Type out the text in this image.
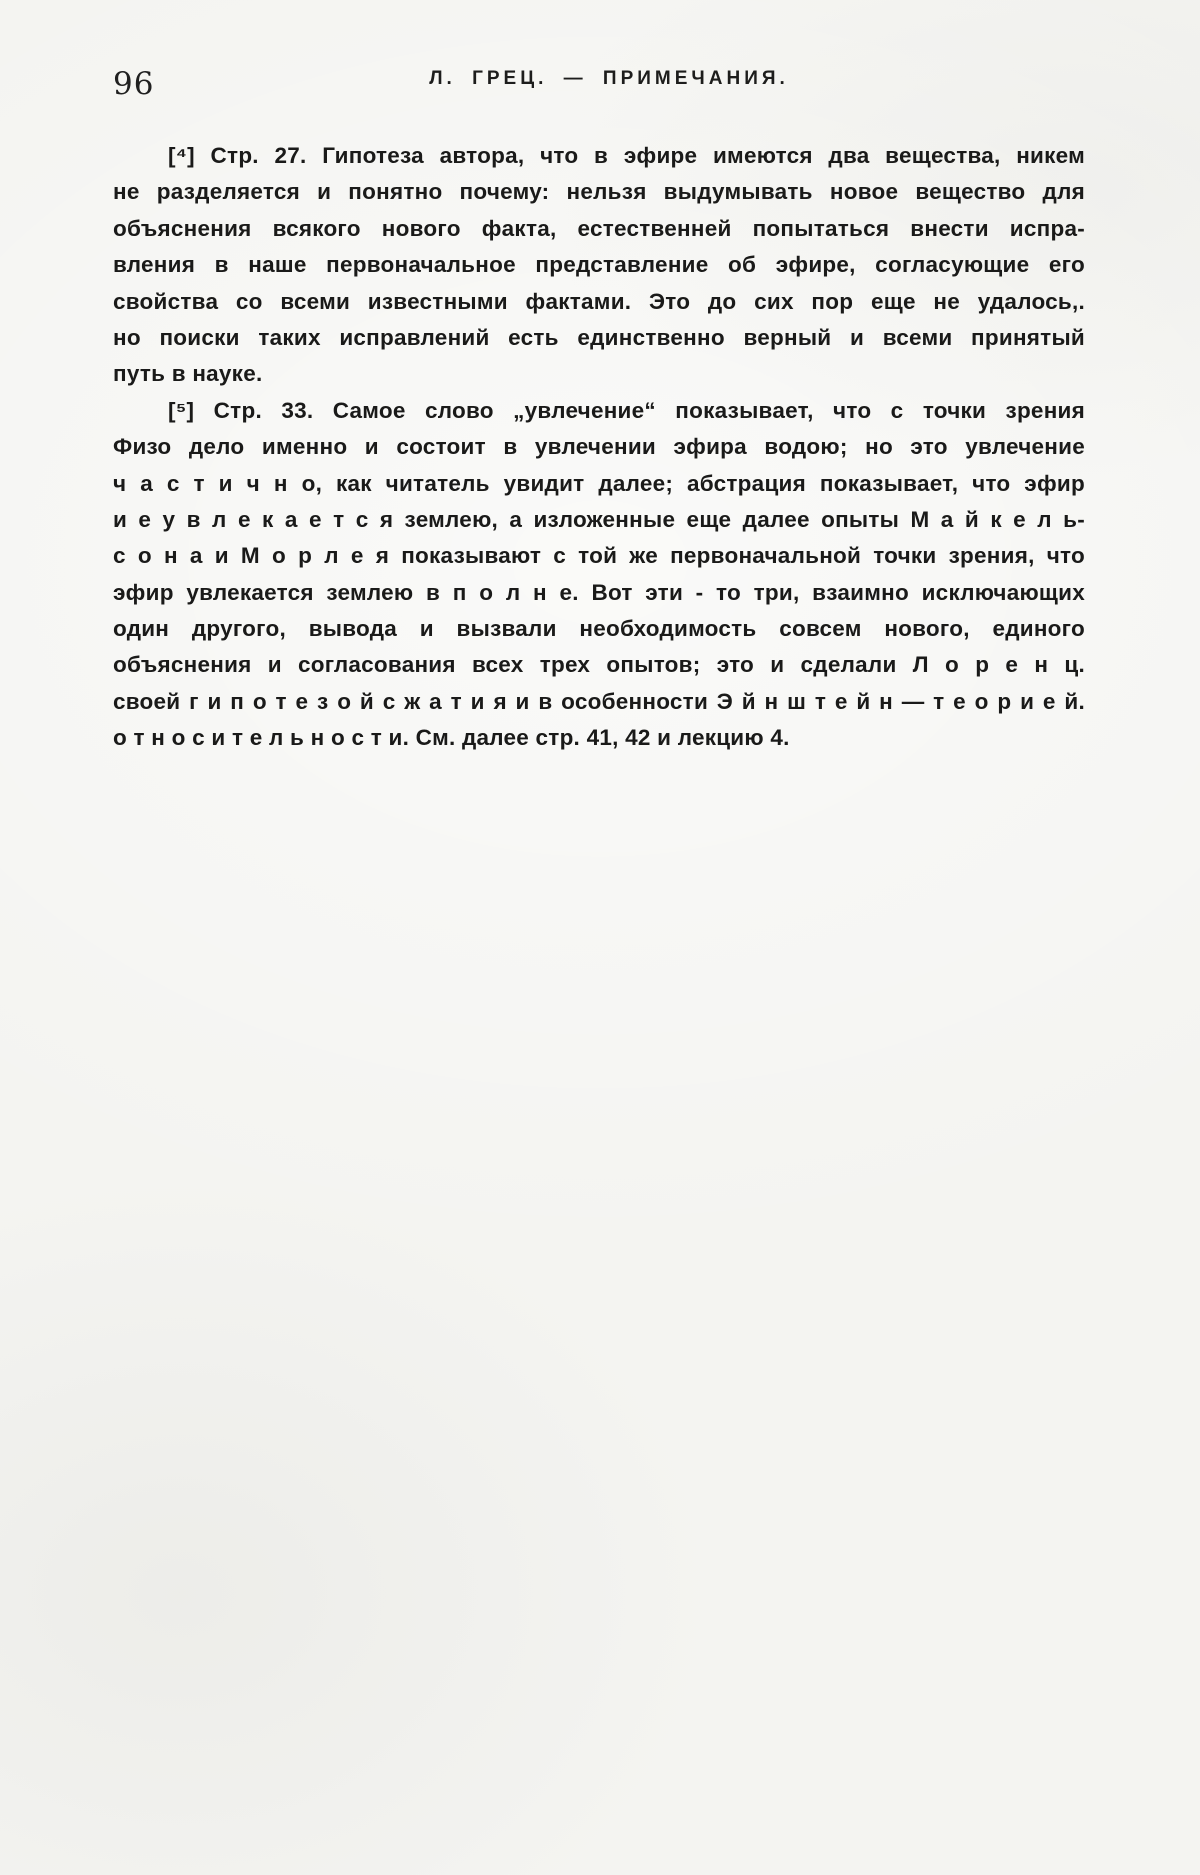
96	Л. ГРЕЦ. — ПРИМЕЧАНИЯ.
[⁴] Стр. 27. Гипотеза автора, что в эфире имеются два вещества, никем
не разделяется и понятно почему: нельзя выдумывать новое вещество для
объяснения всякого нового факта, естественней попытаться внести испра-
вления в наше первоначальное представление об эфире, согласующие его
свойства со всеми известными фактами. Это до сих пор еще не удалось,.
но поиски таких исправлений есть единственно верный и всеми принятый
путь в науке.
[⁵] Стр. 33. Самое слово „увлечение“ показывает, что с точки зрения
Физо дело именно и состоит в увлечении эфира водою; но это увлечение
ч а с т и ч н о, как читатель увидит далее; абстрация показывает, что эфир
и е у в л е к а е т с я землею, а изложенные еще далее опыты М а й к е л ь-
с о н а и М о р л е я показывают с той же первоначальной точки зрения, что
эфир увлекается землею в п о л н е. Вот эти - то три, взаимно исключающих
один другого, вывода и вызвали необходимость совсем нового, единого
объяснения и согласования всех трех опытов; это и сделали Л о р е н ц.
своей г и п о т е з о й с ж а т и я и в особенности Э й н ш т е й н — т е о р и е й.
о т н о с и т е л ь н о с т и. См. далее стр. 41, 42 и лекцию 4.
